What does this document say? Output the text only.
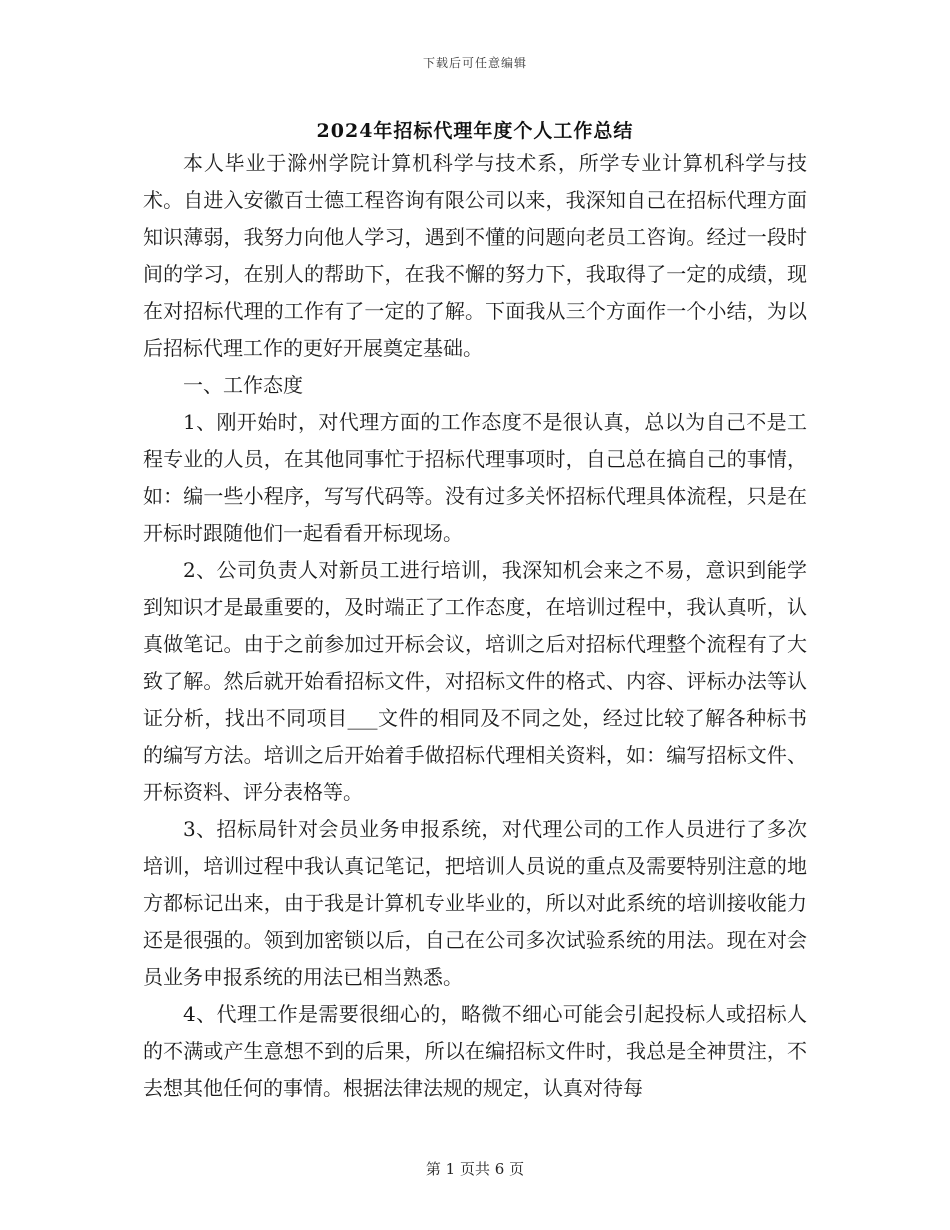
下载后可任意编辑
2024年招标代理年度个人工作总结

本人毕业于滁州学院计算机科学与技术系，所学专业计算机科学与技术。自进入安徽百士德工程咨询有限公司以来，我深知自己在招标代理方面知识薄弱，我努力向他人学习，遇到不懂的问题向老员工咨询。经过一段时间的学习，在别人的帮助下，在我不懈的努力下，我取得了一定的成绩，现在对招标代理的工作有了一定的了解。下面我从三个方面作一个小结，为以后招标代理工作的更好开展奠定基础。

一、工作态度

1、刚开始时，对代理方面的工作态度不是很认真，总以为自己不是工程专业的人员，在其他同事忙于招标代理事项时，自己总在搞自己的事情，如：编一些小程序，写写代码等。没有过多关怀招标代理具体流程，只是在开标时跟随他们一起看看开标现场。

2、公司负责人对新员工进行培训，我深知机会来之不易，意识到能学到知识才是最重要的，及时端正了工作态度，在培训过程中，我认真听，认真做笔记。由于之前参加过开标会议，培训之后对招标代理整个流程有了大致了解。然后就开始看招标文件，对招标文件的格式、内容、评标办法等认证分析，找出不同项目___文件的相同及不同之处，经过比较了解各种标书的编写方法。培训之后开始着手做招标代理相关资料，如：编写招标文件、开标资料、评分表格等。

3、招标局针对会员业务申报系统，对代理公司的工作人员进行了多次培训，培训过程中我认真记笔记，把培训人员说的重点及需要特别注意的地方都标记出来，由于我是计算机专业毕业的，所以对此系统的培训接收能力还是很强的。领到加密锁以后，自己在公司多次试验系统的用法。现在对会员业务申报系统的用法已相当熟悉。

4、代理工作是需要很细心的，略微不细心可能会引起投标人或招标人的不满或产生意想不到的后果，所以在编招标文件时，我总是全神贯注，不去想其他任何的事情。根据法律法规的规定，认真对待每

第 1 页共 6 页
